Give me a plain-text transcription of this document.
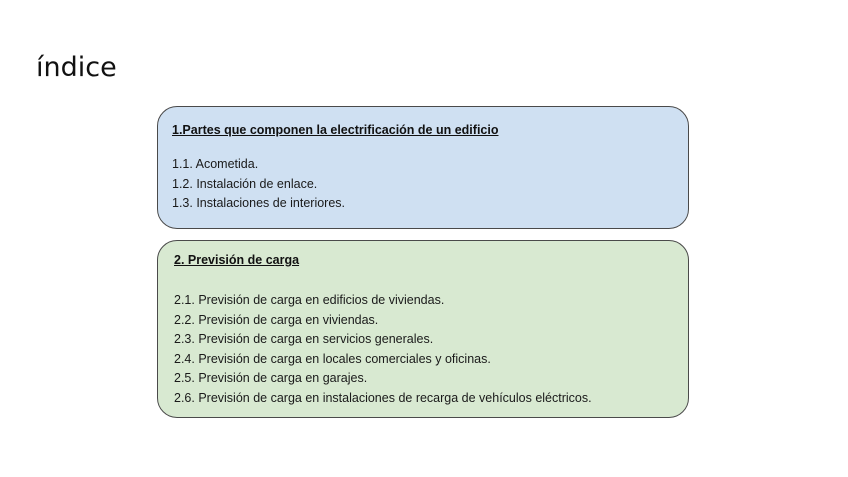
índice
1.Partes que componen la electrificación de un edificio
1.1. Acometida.
1.2. Instalación de enlace.
1.3. Instalaciones de interiores.
2. Previsión de carga
2.1. Previsión de carga en edificios de viviendas.
2.2. Previsión de carga en viviendas.
2.3. Previsión de carga en servicios generales.
2.4. Previsión de carga en locales comerciales y oficinas.
2.5. Previsión de carga en garajes.
2.6. Previsión de carga en instalaciones de recarga de vehículos eléctricos.
